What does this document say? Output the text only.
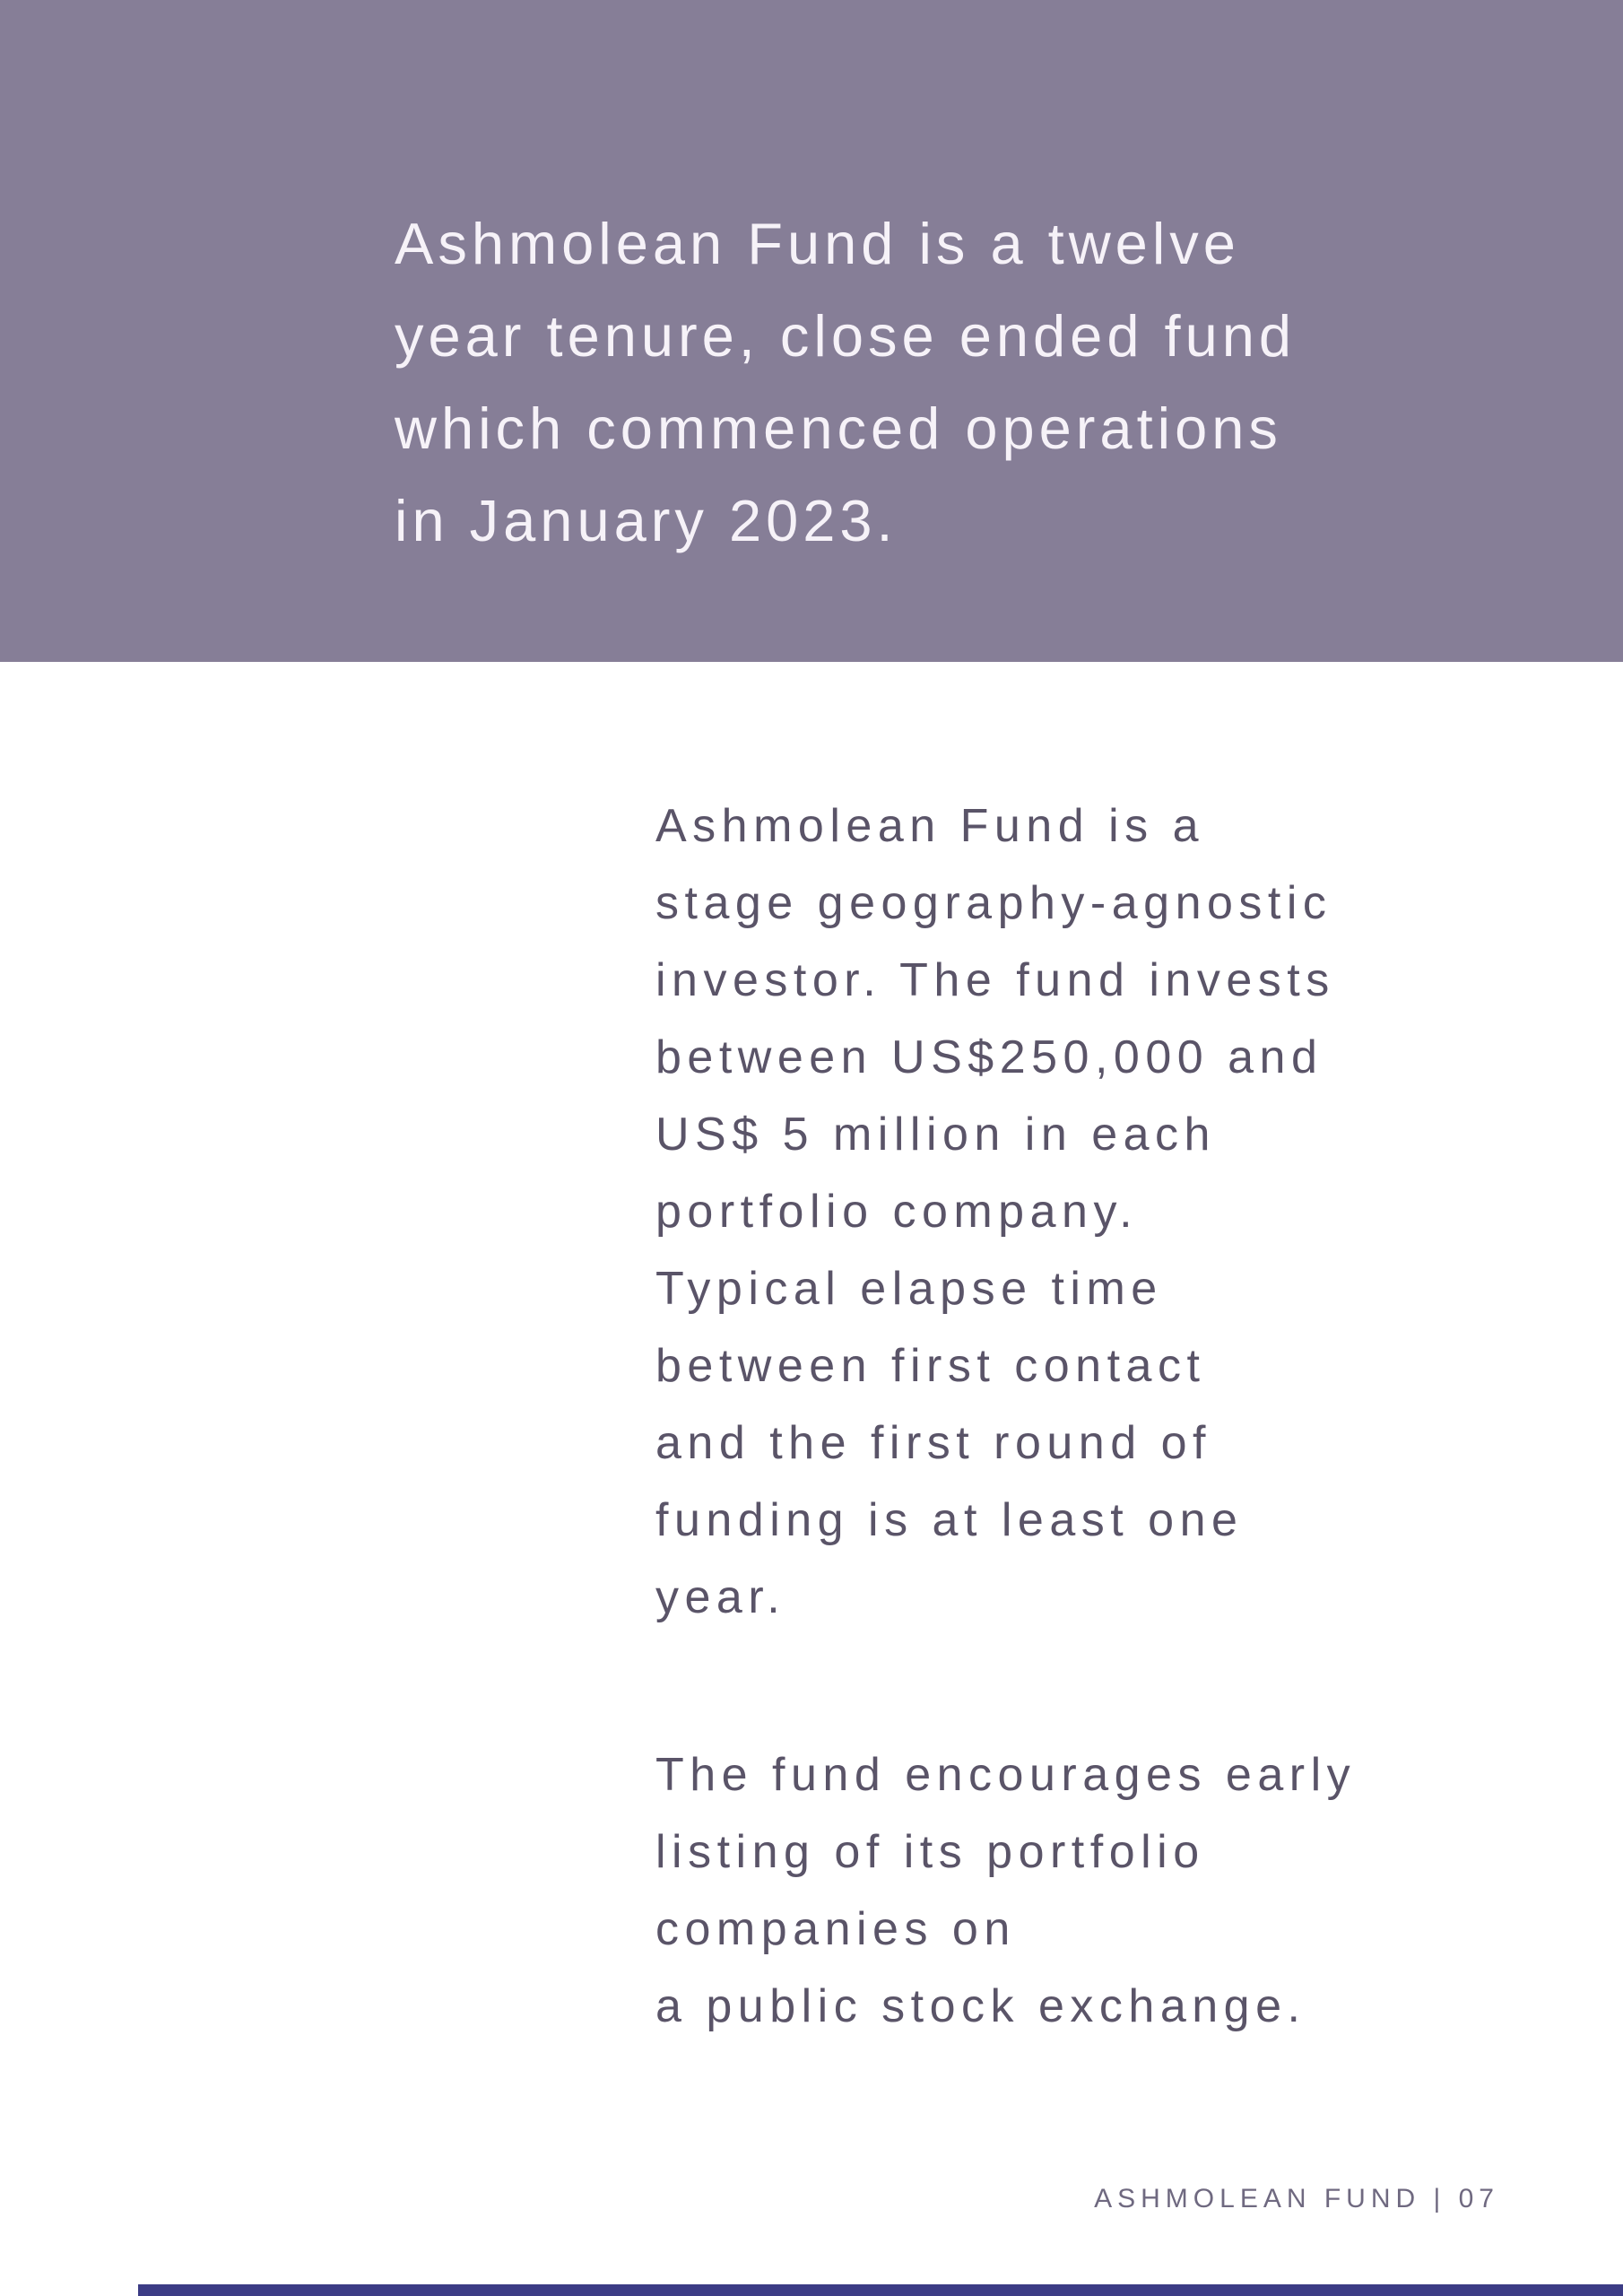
Ashmolean Fund is a twelve
year tenure, close ended fund
which commenced operations
in January 2023.
Ashmolean Fund is a
stage geography-agnostic
investor. The fund invests
between US$250,000 and
US$ 5 million in each
portfolio company.
Typical elapse time
between first contact
and the first round of
funding is at least one
year.
The fund encourages early
listing of its portfolio
companies on
a public stock exchange.
ASHMOLEAN FUND | 07
